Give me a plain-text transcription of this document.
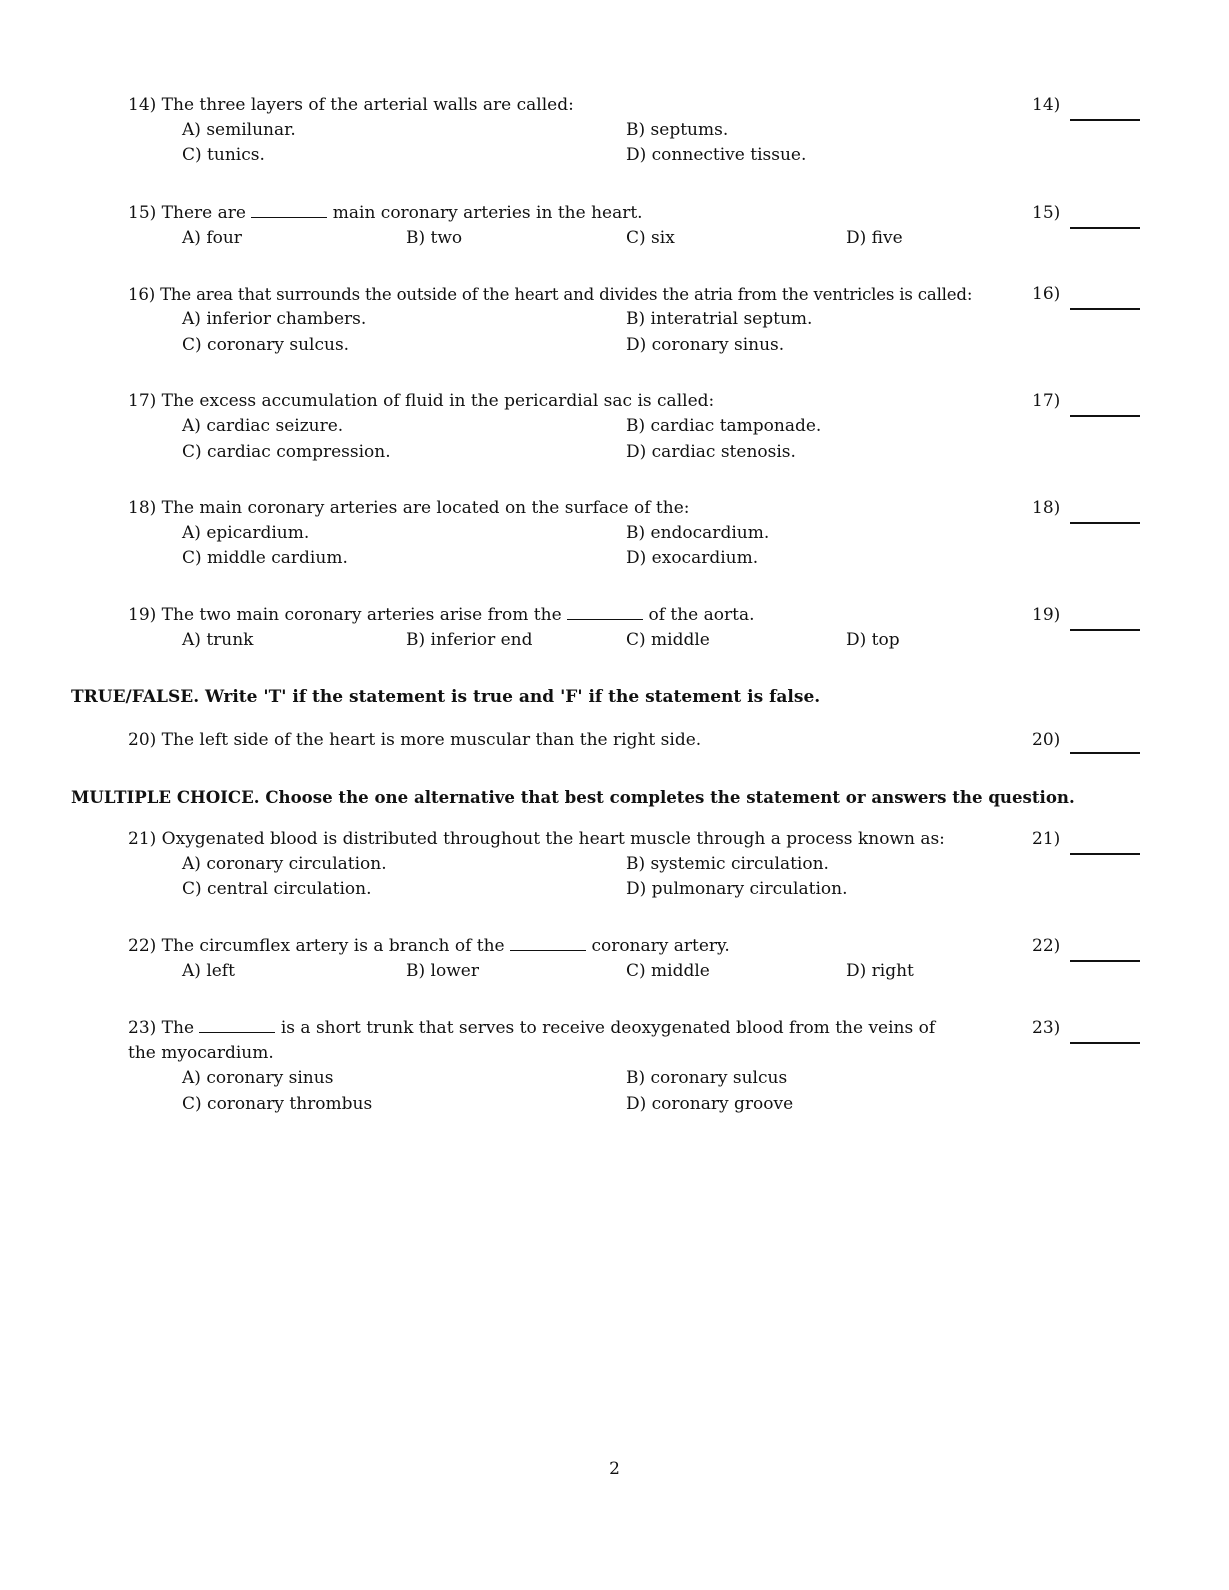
14) The three layers of the arterial walls are called:	14)
A) semilunar.	B) septums.
C) tunics.	D) connective tissue.
15) There are	main coronary arteries in the heart.	15)
A) four	B) two	C) six	D) five
16) The area that surrounds the outside of the heart and divides the atria from the ventricles is called:	16)
A) inferior chambers.	B) interatrial septum.
C) coronary sulcus.	D) coronary sinus.
17) The excess accumulation of fluid in the pericardial sac is called:	17)
A) cardiac seizure.	B) cardiac tamponade.
C) cardiac compression.	D) cardiac stenosis.
18) The main coronary arteries are located on the surface of the:	18)
A) epicardium.	B) endocardium.
C) middle cardium.	D) exocardium.
19) The two main coronary arteries arise from the	of the aorta.	19)
A) trunk	B) inferior end	C) middle	D) top
TRUE/FALSE. Write 'T' if the statement is true and 'F' if the statement is false.
20) The left side of the heart is more muscular than the right side.	20)
MULTIPLE CHOICE. Choose the one alternative that best completes the statement or answers the question.
21) Oxygenated blood is distributed throughout the heart muscle through a process known as:	21)
A) coronary circulation.	B) systemic circulation.
C) central circulation.	D) pulmonary circulation.
22) The circumflex artery is a branch of the	coronary artery.	22)
A) left	B) lower	C) middle	D) right
23) The	is a short trunk that serves to receive deoxygenated blood from the veins of the myocardium.
23)
A) coronary sinus	B) coronary sulcus
C) coronary thrombus	D) coronary groove
2
